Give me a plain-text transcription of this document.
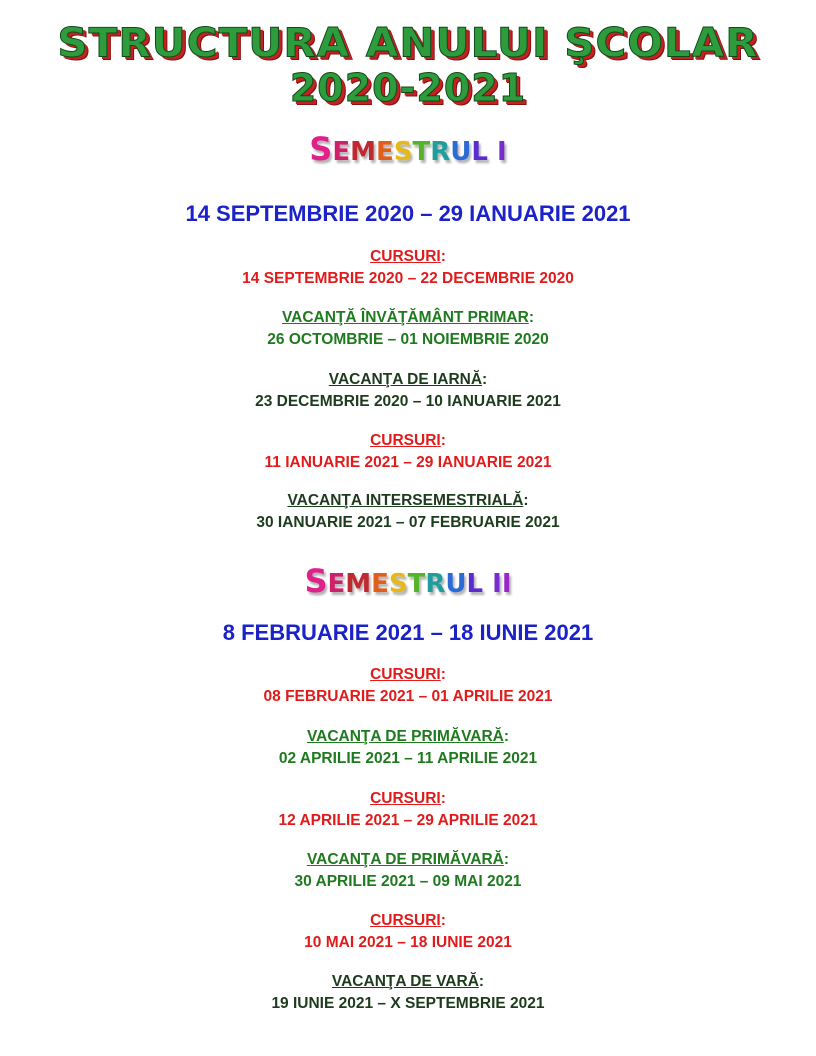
STRUCTURA ANULUI ŞCOLAR
2020-2021
SEMESTRUL I
14 SEPTEMBRIE 2020 – 29 IANUARIE 2021
CURSURI:
14 SEPTEMBRIE 2020 – 22 DECEMBRIE 2020
VACANŢĂ ÎNVĂŢĂMÂNT PRIMAR:
26 OCTOMBRIE – 01 NOIEMBRIE 2020
VACANŢA DE IARNĂ:
23 DECEMBRIE 2020 – 10 IANUARIE 2021
CURSURI:
11 IANUARIE 2021 – 29 IANUARIE 2021
VACANŢA INTERSEMESTRIALĂ:
30 IANUARIE 2021 – 07 FEBRUARIE 2021
SEMESTRUL II
8 FEBRUARIE 2021 – 18 IUNIE 2021
CURSURI:
08 FEBRUARIE 2021 – 01 APRILIE 2021
VACANŢA DE PRIMĂVARĂ:
02 APRILIE 2021 – 11 APRILIE 2021
CURSURI:
12 APRILIE 2021 – 29 APRILIE 2021
VACANŢA DE PRIMĂVARĂ:
30 APRILIE 2021 – 09 MAI 2021
CURSURI:
10 MAI 2021 – 18 IUNIE 2021
VACANŢA DE VARĂ:
19 IUNIE 2021 – X SEPTEMBRIE 2021
